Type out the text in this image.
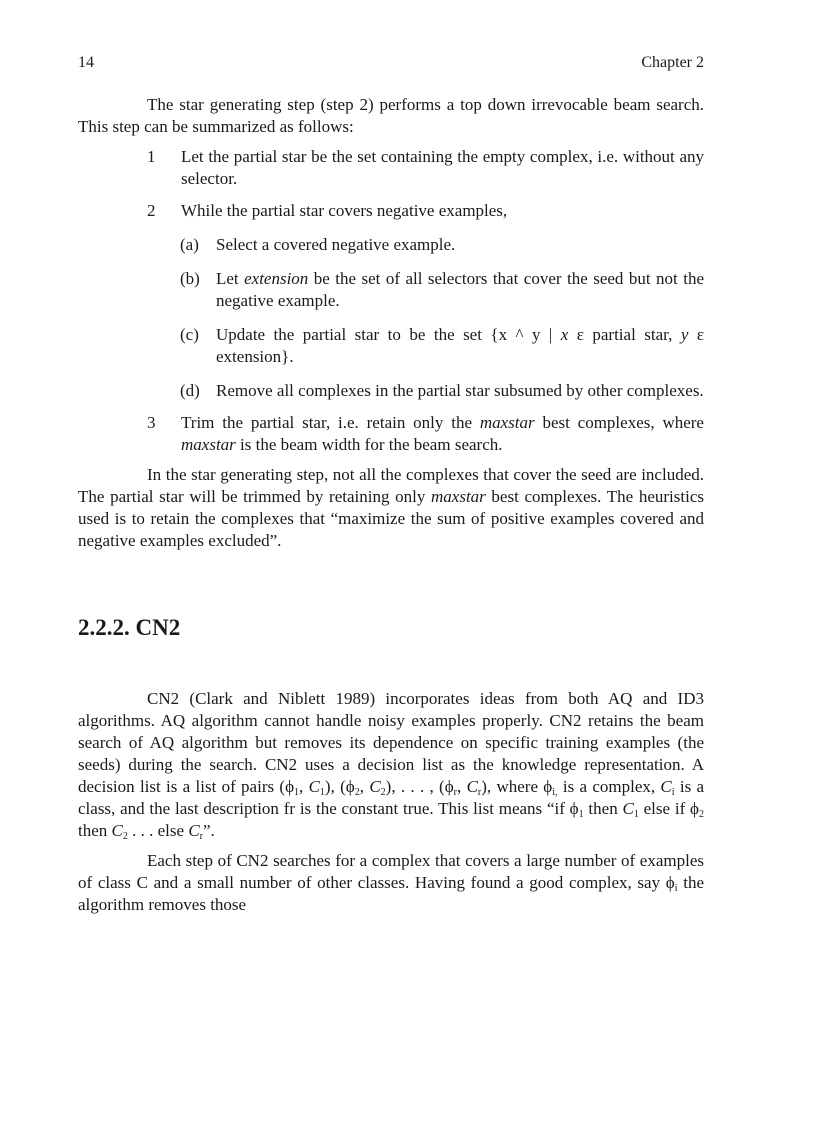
14	Chapter 2

The star generating step (step 2) performs a top down irrevocable beam search. This step can be summarized as follows:

1 Let the partial star be the set containing the empty complex, i.e. without any selector.
2 While the partial star covers negative examples,
(a) Select a covered negative example.
(b) Let extension be the set of all selectors that cover the seed but not the negative example.
(c) Update the partial star to be the set {x ^ y | x ε partial star, y ε extension}.
(d) Remove all complexes in the partial star subsumed by other complexes.
3 Trim the partial star, i.e. retain only the maxstar best complexes, where maxstar is the beam width for the beam search.

In the star generating step, not all the complexes that cover the seed are included. The partial star will be trimmed by retaining only maxstar best complexes. The heuristics used is to retain the complexes that “maximize the sum of positive examples covered and negative examples excluded”.

2.2.2. CN2

CN2 (Clark and Niblett 1989) incorporates ideas from both AQ and ID3 algorithms. AQ algorithm cannot handle noisy examples properly. CN2 retains the beam search of AQ algorithm but removes its dependence on specific training examples (the seeds) during the search. CN2 uses a decision list as the knowledge representation. A decision list is a list of pairs ($\phi_1$, $C_1$), ($\phi_2$, $C_2$), . . . , ($\phi_r$, $C_r$), where $\phi_{i,}$ is a complex, $C_i$ is a class, and the last description fr is the constant true. This list means “if $\phi_1$ then $C_1$ else if $\phi_2$ then $C_2$ . . . else $C_r$”.

Each step of CN2 searches for a complex that covers a large number of examples of class C and a small number of other classes. Having found a good complex, say $\phi_i$ the algorithm removes those
